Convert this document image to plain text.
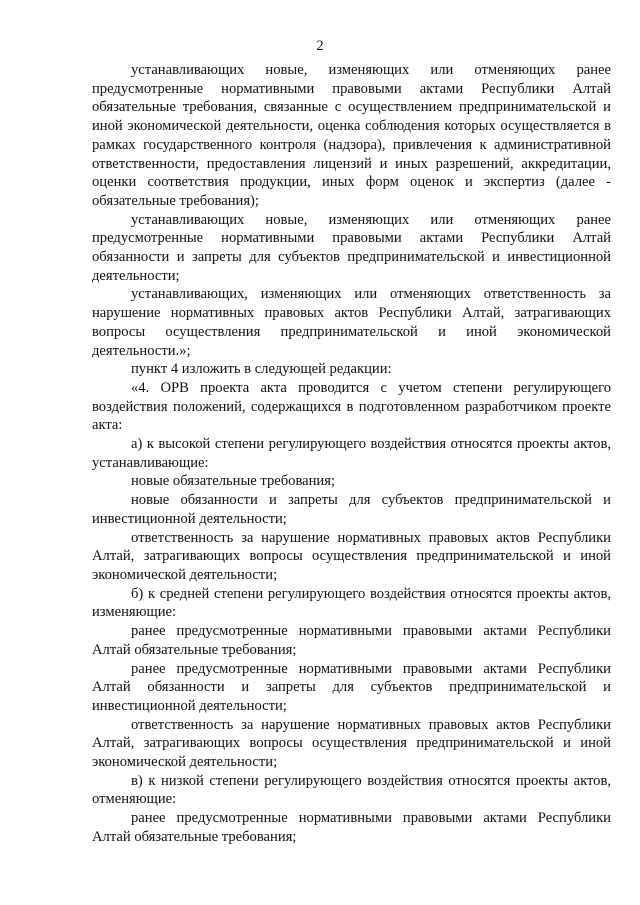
2

устанавливающих новые, изменяющих или отменяющих ранее предусмотренные нормативными правовыми актами Республики Алтай обязательные требования, связанные с осуществлением предпринимательской и иной экономической деятельности, оценка соблюдения которых осуществляется в рамках государственного контроля (надзора), привлечения к административной ответственности, предоставления лицензий и иных разрешений, аккредитации, оценки соответствия продукции, иных форм оценок и экспертиз (далее - обязательные требования);

устанавливающих новые, изменяющих или отменяющих ранее предусмотренные нормативными правовыми актами Республики Алтай обязанности и запреты для субъектов предпринимательской и инвестиционной деятельности;

устанавливающих, изменяющих или отменяющих ответственность за нарушение нормативных правовых актов Республики Алтай, затрагивающих вопросы осуществления предпринимательской и иной экономической деятельности.»;

пункт 4 изложить в следующей редакции:

«4. ОРВ проекта акта проводится с учетом степени регулирующего воздействия положений, содержащихся в подготовленном разработчиком проекте акта:

а) к высокой степени регулирующего воздействия относятся проекты актов, устанавливающие:

новые обязательные требования;

новые обязанности и запреты для субъектов предпринимательской и инвестиционной деятельности;

ответственность за нарушение нормативных правовых актов Республики Алтай, затрагивающих вопросы осуществления предпринимательской и иной экономической деятельности;

б) к средней степени регулирующего воздействия относятся проекты актов, изменяющие:

ранее предусмотренные нормативными правовыми актами Республики Алтай обязательные требования;

ранее предусмотренные нормативными правовыми актами Республики Алтай обязанности и запреты для субъектов предпринимательской и инвестиционной деятельности;

ответственность за нарушение нормативных правовых актов Республики Алтай, затрагивающих вопросы осуществления предпринимательской и иной экономической деятельности;

в) к низкой степени регулирующего воздействия относятся проекты актов, отменяющие:

ранее предусмотренные нормативными правовыми актами Республики Алтай обязательные требования;
